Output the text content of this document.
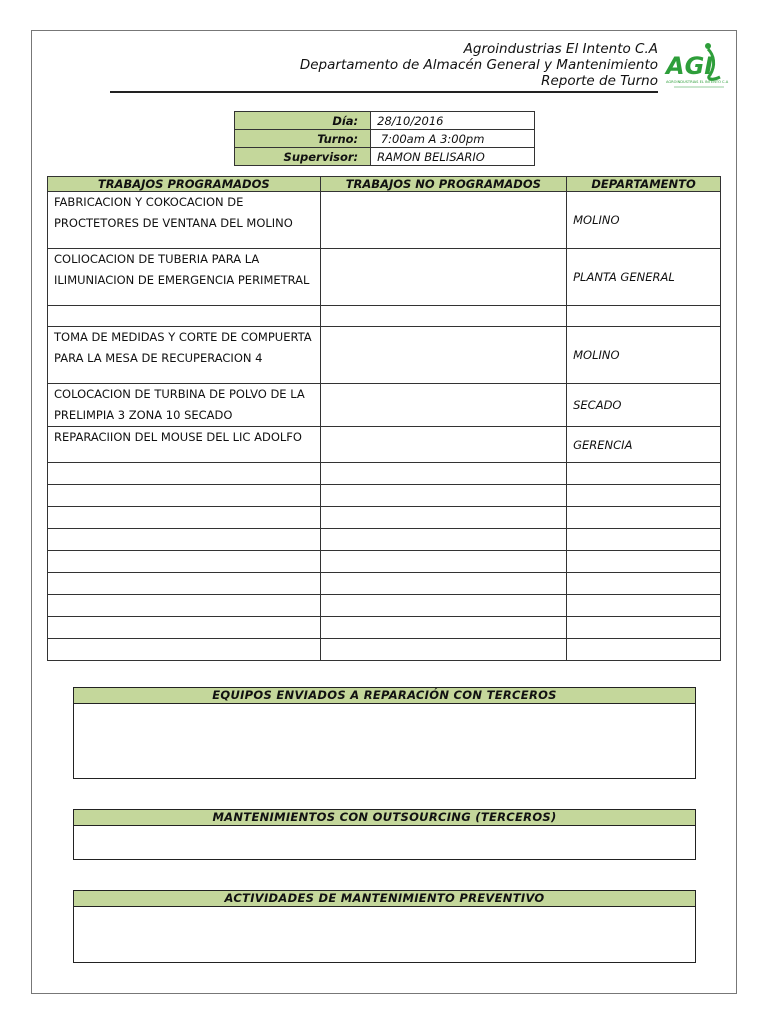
Agroindustrias El Intento C.A
Departamento de Almacén General y Mantenimiento
Reporte de Turno
AGI
AGROINDUSTRIAS EL INTENTO C.A
Día:	28/10/2016
Turno:	7:00am A 3:00pm
Supervisor:	RAMON BELISARIO
TRABAJOS PROGRAMADOS	TRABAJOS NO PROGRAMADOS	DEPARTAMENTO
FABRICACION Y COKOCACION DE PROCTETORES DE VENTANA DEL MOLINO		MOLINO
COLIOCACION DE TUBERIA PARA LA ILIMUNIACION DE EMERGENCIA PERIMETRAL		PLANTA GENERAL

TOMA DE MEDIDAS Y CORTE DE COMPUERTA PARA LA MESA DE RECUPERACION 4		MOLINO
COLOCACION DE TURBINA DE POLVO DE LA PRELIMPIA 3 ZONA 10 SECADO		SECADO
REPARACIION DEL MOUSE DEL LIC ADOLFO		GERENCIA

EQUIPOS ENVIADOS A REPARACIÓN CON TERCEROS
MANTENIMIENTOS CON OUTSOURCING (TERCEROS)
ACTIVIDADES DE MANTENIMIENTO PREVENTIVO
